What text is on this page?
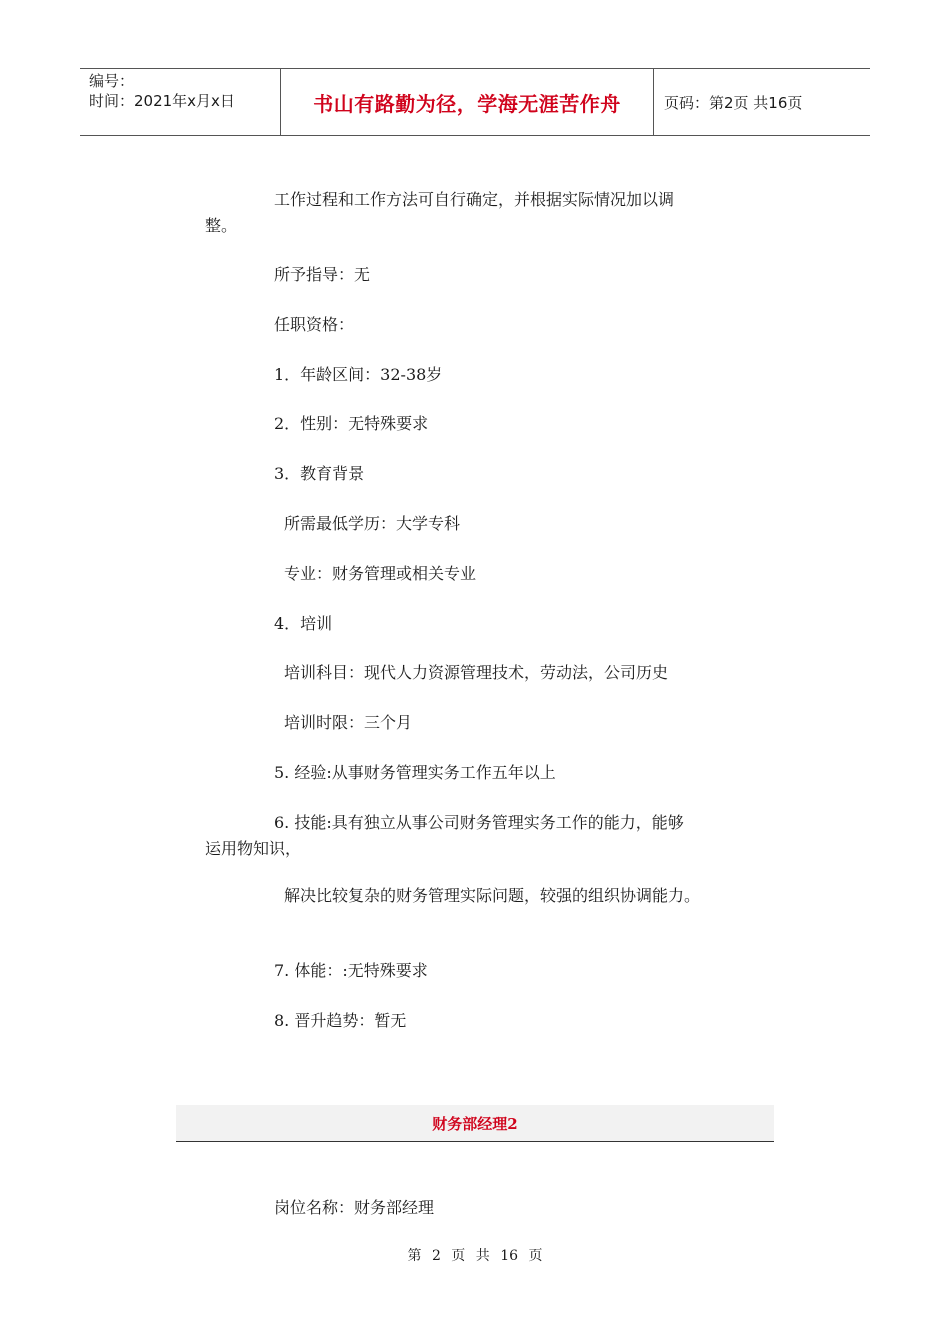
编号：
时间：2021年x月x日	书山有路勤为径，学海无涯苦作舟	页码：第2页 共16页
工作过程和工作方法可自行确定，并根据实际情况加以调
整。
所予指导：无
任职资格：
1．年龄区间：32-38岁
2．性别：无特殊要求
3．教育背景
所需最低学历：大学专科
专业：财务管理或相关专业
4．培训
培训科目：现代人力资源管理技术，劳动法，公司历史
培训时限：三个月
5. 经验:从事财务管理实务工作五年以上
6. 技能:具有独立从事公司财务管理实务工作的能力，能够
运用物知识，
解决比较复杂的财务管理实际问题，较强的组织协调能力。
7. 体能：:无特殊要求
8. 晋升趋势：暂无
财务部经理2
岗位名称：财务部经理
第 2 页 共 16 页
